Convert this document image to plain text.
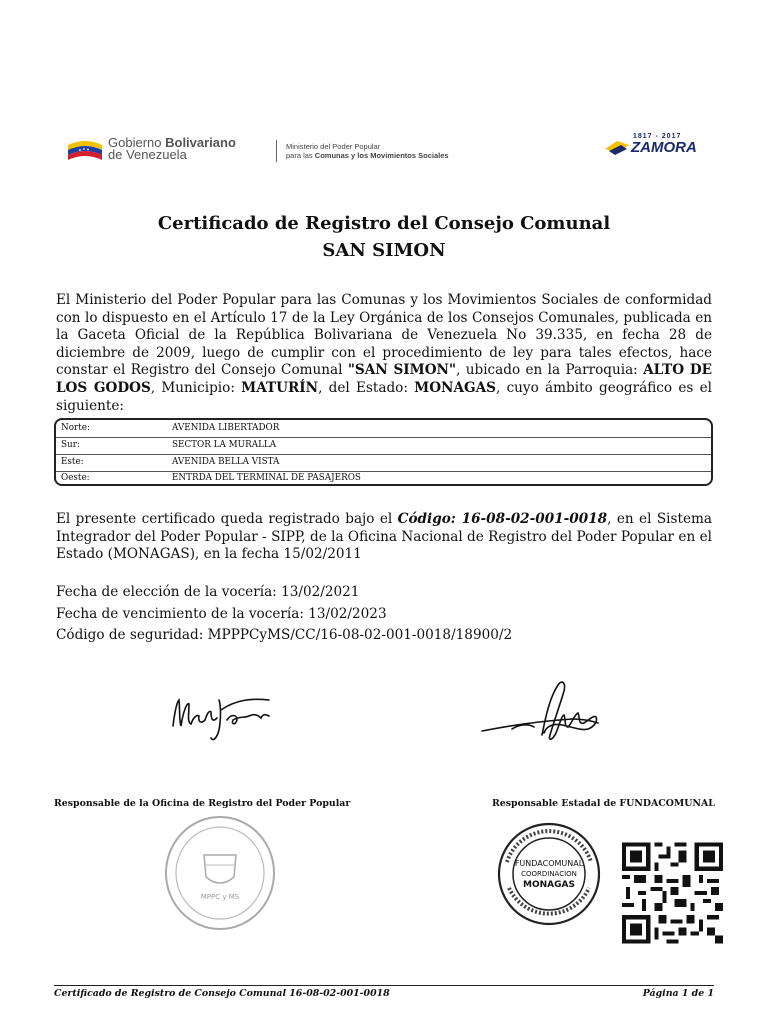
Gobierno Bolivariano
de Venezuela
Ministerio del Poder Popular
para las Comunas y los Movimientos Sociales
1817 - 2017
ZAMORA
Certificado de Registro del Consejo Comunal
SAN SIMON
El Ministerio del Poder Popular para las Comunas y los Movimientos Sociales de conformidad con lo dispuesto en el Artículo 17 de la Ley Orgánica de los Consejos Comunales, publicada en la Gaceta Oficial de la República Bolivariana de Venezuela No 39.335, en fecha 28 de diciembre de 2009, luego de cumplir con el procedimiento de ley para tales efectos, hace constar el Registro del Consejo Comunal "SAN SIMON", ubicado en la Parroquia: ALTO DE LOS GODOS, Municipio: MATURÍN, del Estado: MONAGAS, cuyo ámbito geográfico es el siguiente:
Norte:	AVENIDA LIBERTADOR
Sur:	SECTOR LA MURALLA
Este:	AVENIDA BELLA VISTA
Oeste:	ENTRDA DEL TERMINAL DE PASAJEROS
El presente certificado queda registrado bajo el Código: 16-08-02-001-0018, en el Sistema Integrador del Poder Popular - SIPP, de la Oficina Nacional de Registro del Poder Popular en el Estado (MONAGAS), en la fecha 15/02/2011
Fecha de elección de la vocería: 13/02/2021
Fecha de vencimiento de la vocería: 13/02/2023
Código de seguridad: MPPPCyMS/CC/16-08-02-001-0018/18900/2
Responsable de la Oficina de Registro del Poder Popular	Responsable Estadal de FUNDACOMUNAL
MPPC y MS
FUNDACOMUNAL
COORDINACION
MONAGAS
Certificado de Registro de Consejo Comunal 16-08-02-001-0018	Página 1 de 1
